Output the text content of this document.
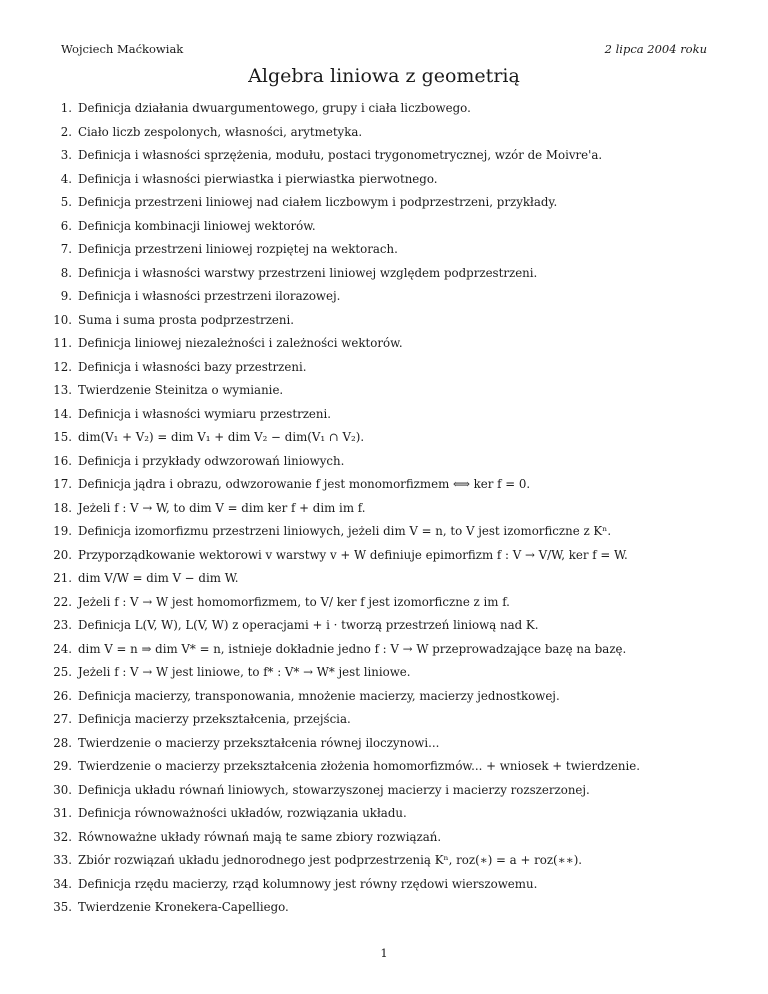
Wojciech Maćkowiak	2 lipca 2004 roku
Algebra liniowa z geometrią
1. Definicja działania dwuargumentowego, grupy i ciała liczbowego.
2. Ciało liczb zespolonych, własności, arytmetyka.
3. Definicja i własności sprzężenia, modułu, postaci trygonometrycznej, wzór de Moivre'a.
4. Definicja i własności pierwiastka i pierwiastka pierwotnego.
5. Definicja przestrzeni liniowej nad ciałem liczbowym i podprzestrzeni, przykłady.
6. Definicja kombinacji liniowej wektorów.
7. Definicja przestrzeni liniowej rozpiętej na wektorach.
8. Definicja i własności warstwy przestrzeni liniowej względem podprzestrzeni.
9. Definicja i własności przestrzeni ilorazowej.
10. Suma i suma prosta podprzestrzeni.
11. Definicja liniowej niezależności i zależności wektorów.
12. Definicja i własności bazy przestrzeni.
13. Twierdzenie Steinitza o wymianie.
14. Definicja i własności wymiaru przestrzeni.
15. dim(V₁ + V₂) = dim V₁ + dim V₂ − dim(V₁ ∩ V₂).
16. Definicja i przykłady odwzorowań liniowych.
17. Definicja jądra i obrazu, odwzorowanie f jest monomorfizmem ⟺ ker f = 0.
18. Jeżeli f : V → W, to dim V = dim ker f + dim im f.
19. Definicja izomorfizmu przestrzeni liniowych, jeżeli dim V = n, to V jest izomorficzne z Kⁿ.
20. Przyporządkowanie wektorowi v warstwy v + W definiuje epimorfizm f : V → V/W, ker f = W.
21. dim V/W = dim V − dim W.
22. Jeżeli f : V → W jest homomorfizmem, to V/ ker f jest izomorficzne z im f.
23. Definicja L(V, W), L(V, W) z operacjami + i · tworzą przestrzeń liniową nad K.
24. dim V = n ⇒ dim V* = n, istnieje dokładnie jedno f : V → W przeprowadzające bazę na bazę.
25. Jeżeli f : V → W jest liniowe, to f* : V* → W* jest liniowe.
26. Definicja macierzy, transponowania, mnożenie macierzy, macierzy jednostkowej.
27. Definicja macierzy przekształcenia, przejścia.
28. Twierdzenie o macierzy przekształcenia równej iloczynowi...
29. Twierdzenie o macierzy przekształcenia złożenia homomorfizmów... + wniosek + twierdzenie.
30. Definicja układu równań liniowych, stowarzyszonej macierzy i macierzy rozszerzonej.
31. Definicja równoważności układów, rozwiązania układu.
32. Równoważne układy równań mają te same zbiory rozwiązań.
33. Zbiór rozwiązań układu jednorodnego jest podprzestrzenią Kⁿ, roz(∗) = a + roz(∗∗).
34. Definicja rzędu macierzy, rząd kolumnowy jest równy rzędowi wierszowemu.
35. Twierdzenie Kronekera-Capelliego.
1
